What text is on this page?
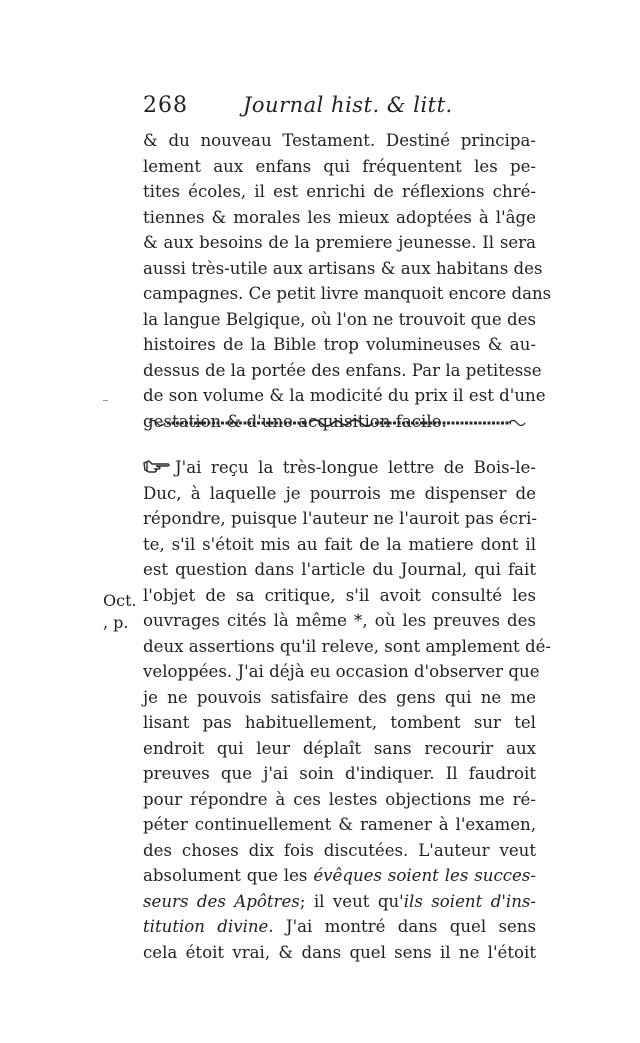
268	Journal hist. & litt.
& du nouveau Testament. Destiné principa-
lement aux enfans qui fréquentent les pe-
tites écoles, il est enrichi de réflexions chré-
tiennes & morales les mieux adoptées à l'âge
& aux besoins de la premiere jeunesse. Il sera
aussi très-utile aux artisans & aux habitans des
campagnes. Ce petit livre manquoit encore dans
la langue Belgique, où l'on ne trouvoit que des
histoires de la Bible trop volumineuses & au-
dessus de la portée des enfans. Par la petitesse
de son volume & la modicité du prix il est d'une
gestation & d'une acquisition facile.
J'ai reçu la très-longue lettre de Bois-le-
Duc, à laquelle je pourrois me dispenser de
répondre, puisque l'auteur ne l'auroit pas écri-
te, s'il s'étoit mis au fait de la matiere dont il
est question dans l'article du Journal, qui fait
l'objet de sa critique, s'il avoit consulté les
ouvrages cités là même *, où les preuves des
deux assertions qu'il releve, sont amplement dé-
veloppées. J'ai déjà eu occasion d'observer que
je ne pouvois satisfaire des gens qui ne me
lisant pas habituellement, tombent sur tel
endroit qui leur déplaît sans recourir aux
preuves que j'ai soin d'indiquer. Il faudroit
pour répondre à ces lestes objections me ré-
péter continuellement & ramener à l'examen,
des choses dix fois discutées. L'auteur veut
absolument que les évêques soient les succes-
seurs des Apôtres; il veut qu'ils soient d'ins-
titution divine. J'ai montré dans quel sens
cela étoit vrai, & dans quel sens il ne l'étoit
Oct.
, p.
